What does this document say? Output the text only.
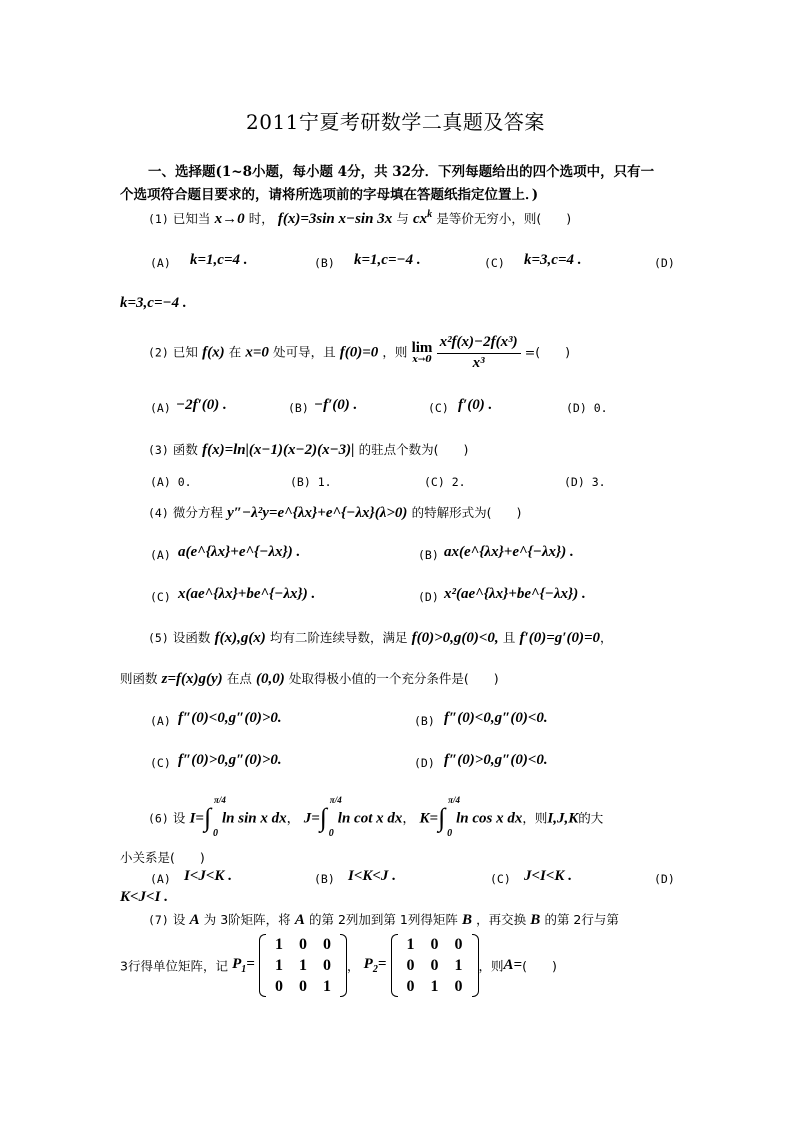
2011宁夏考研数学二真题及答案
一、选择题(1~8小题，每小题 4分，共 32分．下列每题给出的四个选项中，只有一
个选项符合题目要求的，请将所选项前的字母填在答题纸指定位置上．)
(1) 已知当 x→0 时， f(x)=3sin x−sin 3x 与 $cx^k$ 是等价无穷小，则(　　)
(A) k=1,c=4 .	(B) k=1,c=−4 .	(C) k=3,c=4 .	(D)
k=3,c=−4 .
(2) 已知 f(x) 在 x=0 处可导，且 f(0)=0 ，则 lim
x→0
$\frac{\text{x²f(x)−2f(x³)}}{\text{x³}}$ =(　　)
(A) −2f′(0) .	(B) −f′(0) .	(C) f′(0) .	(D) 0.
(3) 函数 f(x)=ln|(x−1)(x−2)(x−3)| 的驻点个数为(　　)
(A) 0.	(B) 1.	(C) 2.	(D) 3.
(4) 微分方程 y″−λ²y=e^{λx}+e^{−λx}(λ>0) 的特解形式为(　　)
(A) a(e^{λx}+e^{−λx}) .	(B) ax(e^{λx}+e^{−λx}) .
(C) x(ae^{λx}+be^{−λx}) .	(D) x²(ae^{λx}+be^{−λx}) .
(5) 设函数 f(x),g(x) 均有二阶连续导数，满足 f(0)>0,g(0)<0, 且 f′(0)=g′(0)=0，
则函数 z=f(x)g(y) 在点 (0,0) 处取得极小值的一个充分条件是(　　)
(A) f″(0)<0,g″(0)>0.	(B) f″(0)<0,g″(0)<0.
(C) f″(0)>0,g″(0)>0.	(D) f″(0)>0,g″(0)<0.
(6) 设 I= ∫
π/4
0
ln sin x dx， J= ∫
π/4
0
ln cot x dx， K= ∫
π/4
0
ln cos x dx，则I,J,K的大
小关系是(　　)
(A) I<J<K .	(B) I<K<J .	(C) J<I<K .	(D)
K<J<I .
(7) 设 A 为 3阶矩阵，将 A 的第 2列加到第 1列得矩阵 B ，再交换 B 的第 2行与第
3行得单位矩阵，记 $P_1=$
1	0	0
1	1	0
0	0	1
， $P_2=$
1	0	0
0	0	1
0	1	0
，则A=(　　)
